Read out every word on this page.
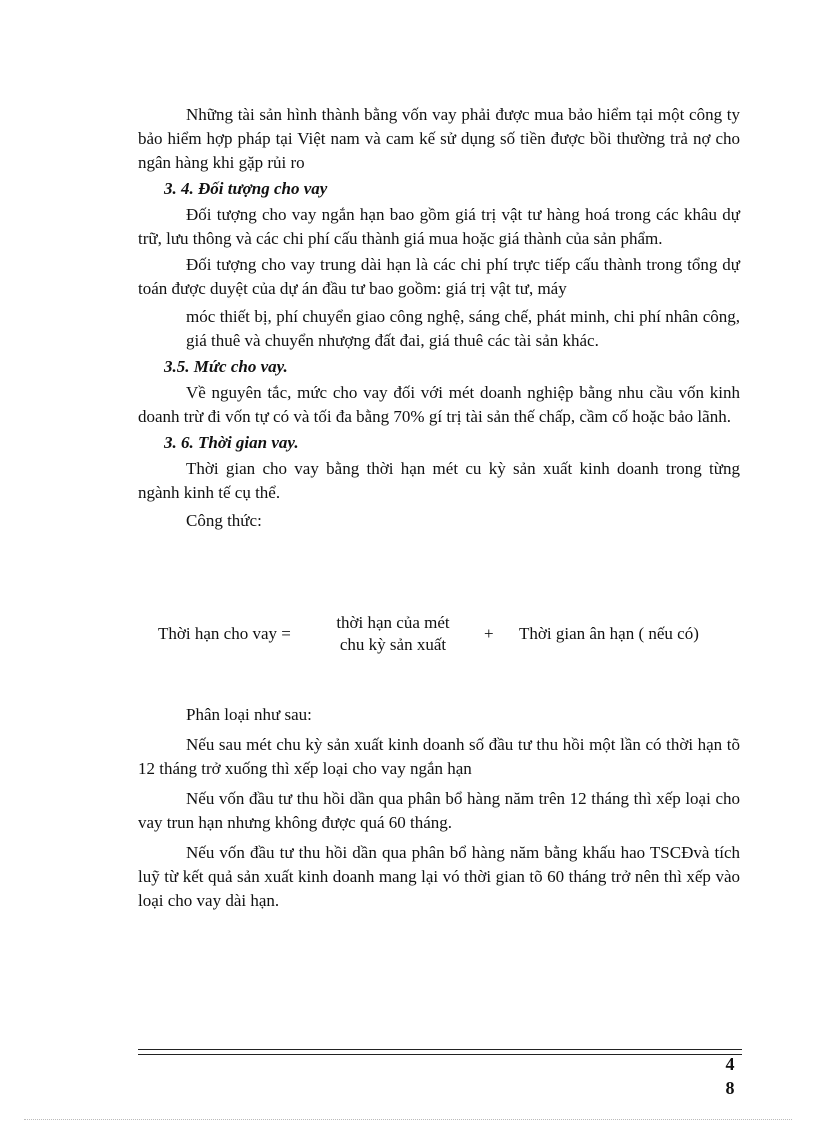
Những tài sản hình thành bằng vốn vay phải được mua bảo hiểm tại một công ty bảo hiểm hợp pháp tại Việt nam và cam kế sử dụng số tiền được bồi thường trả nợ cho ngân hàng khi gặp rủi ro

3. 4. Đối tượng cho vay

Đối tượng cho vay ngắn hạn bao gồm giá trị vật tư hàng hoá trong các khâu dự trữ, lưu thông và các chi phí cấu thành giá mua hoặc giá thành của sản phẩm.

Đối tượng cho vay trung dài hạn là các chi phí trực tiếp cấu thành trong tổng dự toán được duyệt của dự án đầu tư bao goồm: giá trị vật tư, máy

móc thiết bị, phí chuyển giao công nghệ, sáng chế, phát minh, chi phí nhân công, giá thuê và chuyển nhượng đất đai, giá thuê các tài sản khác.

3.5. Mức cho vay.

Về nguyên tắc, mức cho vay đối với mét doanh nghiệp bằng nhu cầu vốn kinh doanh trừ đi vốn tự có và tối đa bằng 70% gí trị tài sản thế chấp, cầm cố hoặc bảo lãnh.

3. 6. Thời gian vay.

Thời gian cho vay bằng thời hạn mét cu kỳ sản xuất kinh doanh trong từng ngành kinh tế cụ thể.

Công thức:

Thời hạn cho vay =
thời hạn của mét
chu kỳ sản xuất
+ Thời gian ân hạn ( nếu có)

Phân loại như sau:

Nếu sau mét chu kỳ sản xuất kinh doanh số đầu tư thu hồi một lần có thời hạn tõ 12 tháng trở xuống thì xếp loại cho vay ngắn hạn

Nếu vốn đầu tư thu hồi dần qua phân bổ hàng năm trên 12 tháng thì xếp loại cho vay trun hạn nhưng không được quá 60 tháng.

Nếu vốn đầu tư thu hồi dần qua phân bổ hàng năm bằng khấu hao TSCĐvà tích luỹ từ kết quả sản xuất kinh doanh mang lại vó thời gian tõ 60 tháng trở nên thì xếp vào loại cho vay dài hạn.

4
8
